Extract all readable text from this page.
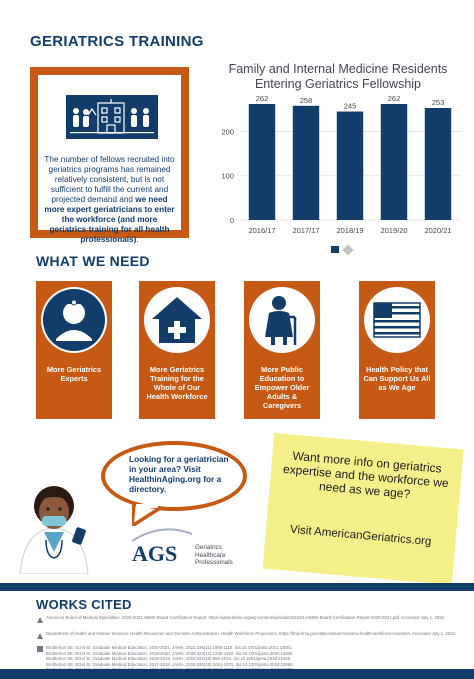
GERIATRICS TRAINING
The number of fellows recruited into geriatrics programs has remained relatively consistent, but is not sufficient to fulfill the current and projected demand and we need more expert geriatricians to enter the workforce (and more geriatrics training for all health professionals).
Family and Internal Medicine Residents Entering Geriatrics Fellowship
0
100
200
262
2016/17
258
2017/17
245
2018/19
262
2019/20
253
2020/21
WHAT WE NEED
More Geriatrics Experts
More Geriatrics Training for the Whole of Our Health Workforce
More Public Education to Empower Older Adults & Caregivers
Health Policy that Can Support Us All as We Age
Looking for a geriatrician in your area? Visit HealthinAging.org for a directory.
Want more info on geriatrics expertise and the workforce we need as we age?
Visit AmericanGeriatrics.org
AGS	Geriatrics
Healthcare
Professionals
WORKS CITED
American Board of Medical Specialties. 2020-2021 ABMS Board Certification Report. https://www.abms.org/wp-content/uploads/2022/01/ABMS-Board-Certification-Report-2020-2021.pdf. Accessed July 1, 2022.
Department of Health and Human Services, Health Resources and Services Administration. Health Workforce Projections. https://bhw.hrsa.gov/data-research/review-health-workforce-research. Accessed July 1, 2022.
Brotherton SE, Etzel SI. Graduate Medical Education, 2020-2021. JAMA. 2021;326(11):1088-1110. doi:10.1001/jama.2021.13501
Brotherton SE, Etzel SI. Graduate Medical Education, 2019-2020. JAMA. 2020;324(12):1230-1250. doi:10.1001/jama.2020.14635
Brotherton SE, Etzel SI. Graduate Medical Education, 2018-2019. JAMA. 2019;322(10):996-1016. doi:10.1001/jama.2019.10155
Brotherton SE, Etzel SI. Graduate Medical Education, 2017-2018. JAMA. 2018;320(10):1051-1070. doi:10.1001/jama.2018.10650
